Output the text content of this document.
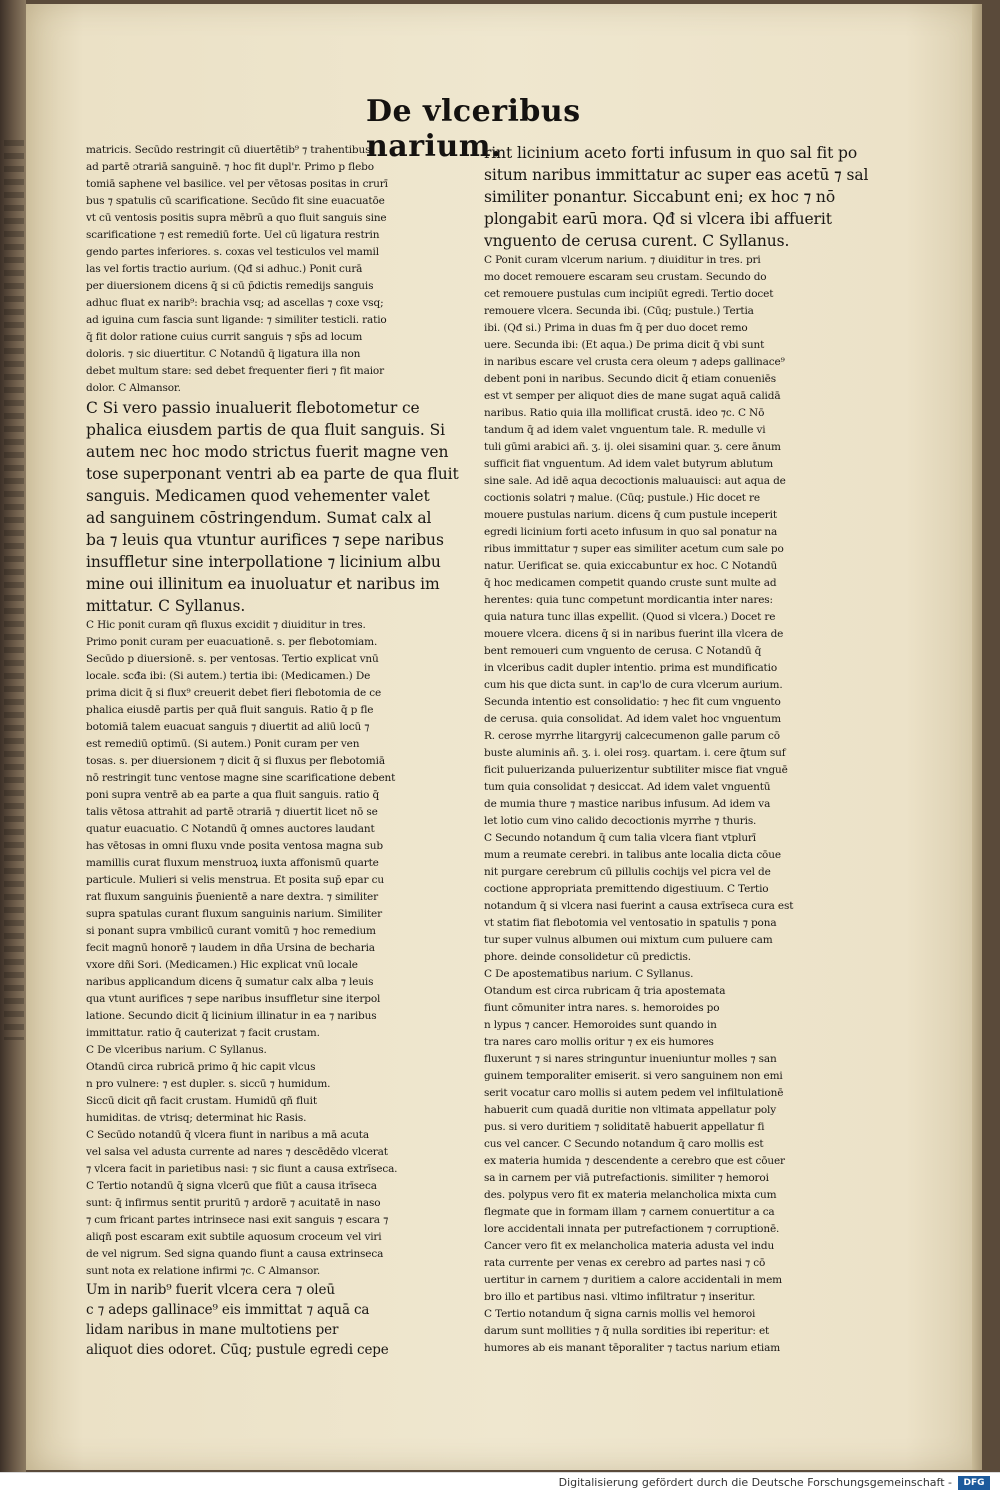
De vlceribus narium.
matricis. Secūdo restringit cū diuertētib⁹ ⁊ trahentibus
ad partē ɔtrariā sanguinē. ⁊ hoc fit dupl'r. Primo p flebo
tomiā saphene vel basilice. vel per vētosas positas in crurī
bus ⁊ spatulis cū scarificatione. Secūdo fit sine euacuatōe
vt cū ventosis positis supra mēbrū a quo fluit sanguis sine
scarificatione ⁊ est remediū forte. Uel cū ligatura restrin
gendo partes inferiores. s. coxas vel testiculos vel mamil
las vel fortis tractio aurium. (Qđ si adhuc.) Ponit curā
per diuersionem dicens q̄ si cū p̄dictis remedijs sanguis
adhuc fluat ex narib⁹: brachia vsq; ad ascellas ⁊ coxe vsq;
ad iguina cum fascia sunt ligande: ⁊ similiter testicli. ratio
q̄ fit dolor ratione cuius currit sanguis ⁊ sp̄s ad locum
doloris. ⁊ sic diuertitur. C Notandū q̄ ligatura illa non
debet multum stare: sed debet frequenter fieri ⁊ fit maior
dolor. C Almansor.
C Si vero passio inualuerit flebotometur ce
phalica eiusdem partis de qua fluit sanguis. Si
autem nec hoc modo strictus fuerit magne ven
tose superponant ventri ab ea parte de qua fluit
sanguis. Medicamen quod vehementer valet
ad sanguinem cōstringendum. Sumat calx al
ba ⁊ leuis qua vtuntur aurifices ⁊ sepe naribus
insuffletur sine interpollatione ⁊ licinium albu
mine oui illinitum ea inuoluatur et naribus im
mittatur. C Syllanus.
C Hic ponit curam qñ fluxus excidit ⁊ diuiditur in tres.
Primo ponit curam per euacuationē. s. per flebotomiam.
Secūdo p diuersionē. s. per ventosas. Tertio explicat vnū
locale. scđa ibi: (Si autem.) tertia ibi: (Medicamen.) De
prima dicit q̄ si flux⁹ creuerit debet fieri flebotomia de ce
phalica eiusdē partis per quā fluit sanguis. Ratio q̄ p fle
botomiā talem euacuat sanguis ⁊ diuertit ad aliū locū ⁊
est remediū optimū. (Si autem.) Ponit curam per ven
tosas. s. per diuersionem ⁊ dicit q̄ si fluxus per flebotomiā
nō restringit tunc ventose magne sine scarificatione debent
poni supra ventrē ab ea parte a qua fluit sanguis. ratio q̄
talis vētosa attrahit ad partē ɔtrariā ⁊ diuertit licet nō se
quatur euacuatio. C Notandū q̄ omnes auctores laudant
has vētosas in omni fluxu vnde posita ventosa magna sub
mamillis curat fluxum menstruoꝝ iuxta affonismū quarte
particule. Mulieri si velis menstrua. Et posita sup̄ epar cu
rat fluxum sanguinis p̄uenientē a nare dextra. ⁊ similiter
supra spatulas curant fluxum sanguinis narium. Similiter
si ponant supra vmbilicū curant vomitū ⁊ hoc remedium
fecit magnū honorē ⁊ laudem in dña Ursina de becharia
vxore dñi Sori. (Medicamen.) Hic explicat vnū locale
naribus applicandum dicens q̄ sumatur calx alba ⁊ leuis
qua vtunt aurifices ⁊ sepe naribus insuffletur sine iterpol
latione. Secundo dicit q̄ licinium illinatur in ea ⁊ naribus
immittatur. ratio q̄ cauterizat ⁊ facit crustam.
C De vlceribus narium. C Syllanus.
Otandū circa rubricā primo q̄ hic capit vlcus
n pro vulnere: ⁊ est dupler. s. siccū ⁊ humidum.
Siccū dicit qñ facit crustam. Humidū qñ fluit
humiditas. de vtrisq; determinat hic Rasis.
C Secūdo notandū q̄ vlcera fiunt in naribus a mā acuta
vel salsa vel adusta currente ad nares ⁊ descēdēdo vlcerat
⁊ vlcera facit in parietibus nasi: ⁊ sic fiunt a causa extrīseca.
C Tertio notandū q̄ signa vlcerū que fiūt a causa itrīseca
sunt: q̄ infirmus sentit pruritū ⁊ ardorē ⁊ acuitatē in naso
⁊ cum fricant partes intrinsece nasi exit sanguis ⁊ escara ⁊
aliqñ post escaram exit subtile aquosum croceum vel viri
de vel nigrum. Sed signa quando fiunt a causa extrinseca
sunt nota ex relatione infirmi ⁊c. C Almansor.
Um in narib⁹ fuerit vlcera cera ⁊ oleū
c ⁊ adeps gallinace⁹ eis immittat ⁊ aquā ca
lidam naribus in mane multotiens per
aliquot dies odoret. Cūq; pustule egredi cepe
rint licinium aceto forti infusum in quo sal fit po
situm naribus immittatur ac super eas acetū ⁊ sal
similiter ponantur. Siccabunt eni; ex hoc ⁊ nō
plongabit earū mora. Qđ si vlcera ibi affuerit
vnguento de cerusa curent. C Syllanus.
C Ponit curam vlcerum narium. ⁊ diuiditur in tres. pri
mo docet remouere escaram seu crustam. Secundo do
cet remouere pustulas cum incipiūt egredi. Tertio docet
remouere vlcera. Secunda ibi. (Cūq; pustule.) Tertia
ibi. (Qđ si.) Prima in duas fm q̄ per duo docet remo
uere. Secunda ibi: (Et aqua.) De prima dicit q̄ vbi sunt
in naribus escare vel crusta cera oleum ⁊ adeps gallinace⁹
debent poni in naribus. Secundo dicit q̄ etiam conueniēs
est vt semper per aliquot dies de mane sugat aquā calidā
naribus. Ratio quia illa mollificat crustā. ideo ⁊c. C Nō
tandum q̄ ad idem valet vnguentum tale. R. medulle vi
tuli gūmi arabici añ. ʒ. ij. olei sisamini quar. ʒ. cere ānum
sufficit fiat vnguentum. Ad idem valet butyrum ablutum
sine sale. Ad idē aqua decoctionis maluauisci: aut aqua de
coctionis solatri ⁊ malue. (Cūq; pustule.) Hic docet re
mouere pustulas narium. dicens q̄ cum pustule inceperit
egredi licinium forti aceto infusum in quo sal ponatur na
ribus immittatur ⁊ super eas similiter acetum cum sale po
natur. Uerificat se. quia exiccabuntur ex hoc. C Notandū
q̄ hoc medicamen competit quando cruste sunt multe ad
herentes: quia tunc competunt mordicantia inter nares:
quia natura tunc illas expellit. (Quod si vlcera.) Docet re
mouere vlcera. dicens q̄ si in naribus fuerint illa vlcera de
bent remoueri cum vnguento de cerusa. C Notandū q̄
in vlceribus cadit dupler intentio. prima est mundificatio
cum his que dicta sunt. in cap'lo de cura vlcerum aurium.
Secunda intentio est consolidatio: ⁊ hec fit cum vnguento
de cerusa. quia consolidat. Ad idem valet hoc vnguentum
R. cerose myrrhe litargyrij calcecumenon galle parum cō
buste aluminis añ. ʒ. i. olei rosȝ. quartam. i. cere q̄tum suf
ficit puluerizanda puluerizentur subtiliter misce fiat vnguē
tum quia consolidat ⁊ desiccat. Ad idem valet vnguentū
de mumia thure ⁊ mastice naribus infusum. Ad idem va
let lotio cum vino calido decoctionis myrrhe ⁊ thuris.
C Secundo notandum q̄ cum talia vlcera fiant vtplurī
mum a reumate cerebri. in talibus ante localia dicta cōue
nit purgare cerebrum cū pillulis cochijs vel picra vel de
coctione appropriata premittendo digestiuum. C Tertio
notandum q̄ si vlcera nasi fuerint a causa extrīseca cura est
vt statim fiat flebotomia vel ventosatio in spatulis ⁊ pona
tur super vulnus albumen oui mixtum cum puluere cam
phore. deinde consolidetur cū predictis.
C De apostematibus narium. C Syllanus.
Otandum est circa rubricam q̄ tria apostemata
fiunt cōmuniter intra nares. s. hemoroides po
n lypus ⁊ cancer. Hemoroides sunt quando in
tra nares caro mollis oritur ⁊ ex eis humores
fluxerunt ⁊ si nares stringuntur inueniuntur molles ⁊ san
guinem temporaliter emiserit. si vero sanguinem non emi
serit vocatur caro mollis si autem pedem vel infiltulationē
habuerit cum quadā duritie non vltimata appellatur poly
pus. si vero duritiem ⁊ soliditatē habuerit appellatur fi
cus vel cancer. C Secundo notandum q̄ caro mollis est
ex materia humida ⁊ descendente a cerebro que est cōuer
sa in carnem per viā putrefactionis. similiter ⁊ hemoroi
des. polypus vero fit ex materia melancholica mixta cum
flegmate que in formam illam ⁊ carnem conuertitur a ca
lore accidentali innata per putrefactionem ⁊ corruptionē.
Cancer vero fit ex melancholica materia adusta vel indu
rata currente per venas ex cerebro ad partes nasi ⁊ cō
uertitur in carnem ⁊ duritiem a calore accidentali in mem
bro illo et partibus nasi. vltimo infiltratur ⁊ inseritur.
C Tertio notandum q̄ signa carnis mollis vel hemoroi
darum sunt mollities ⁊ q̄ nulla sordities ibi reperitur: et
humores ab eis manant tēporaliter ⁊ tactus narium etiam
Digitalisierung gefördert durch die Deutsche Forschungsgemeinschaft -	DFG
